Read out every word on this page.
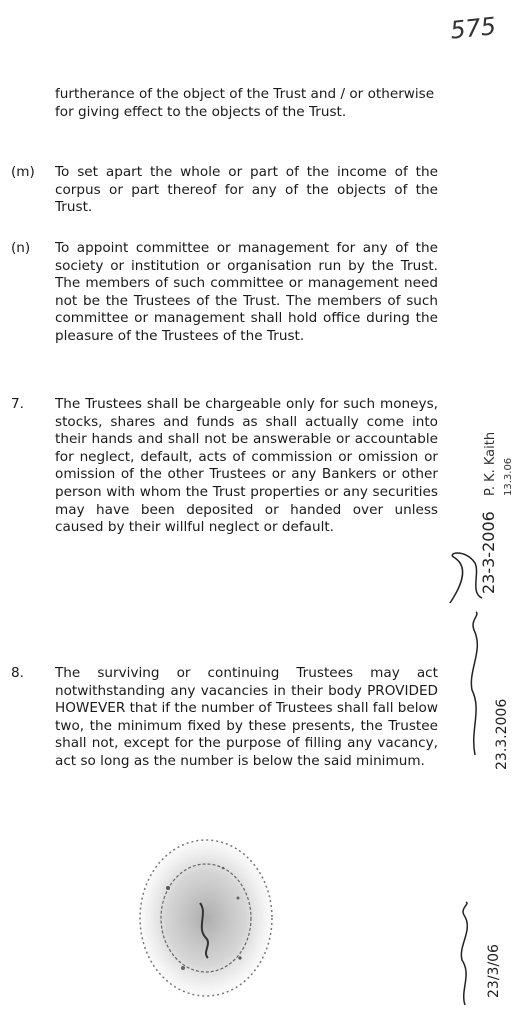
575
furtherance of the object of the Trust and / or otherwise for giving effect to the objects of the Trust.
(m) To set apart the whole or part of the income of the corpus or part thereof for any of the objects of the Trust.
(n) To appoint committee or management for any of the society or institution or organisation run by the Trust. The members of such committee or management need not be the Trustees of the Trust. The members of such committee or management shall hold office during the pleasure of the Trustees of the Trust.
7. The Trustees shall be chargeable only for such moneys, stocks, shares and funds as shall actually come into their hands and shall not be answerable or accountable for neglect, default, acts of commission or omission or omission of the other Trustees or any Bankers or other person with whom the Trust properties or any securities may have been deposited or handed over unless caused by their willful neglect or default.
8. The surviving or continuing Trustees may act notwithstanding any vacancies in their body PROVIDED HOWEVER that if the number of Trustees shall fall below two, the minimum fixed by these presents, the Trustee shall not, except for the purpose of filling any vacancy, act so long as the number is below the said minimum.
23-3-2006
P. K. Kaith 13.3.06
23.3.2006
23/3/06
